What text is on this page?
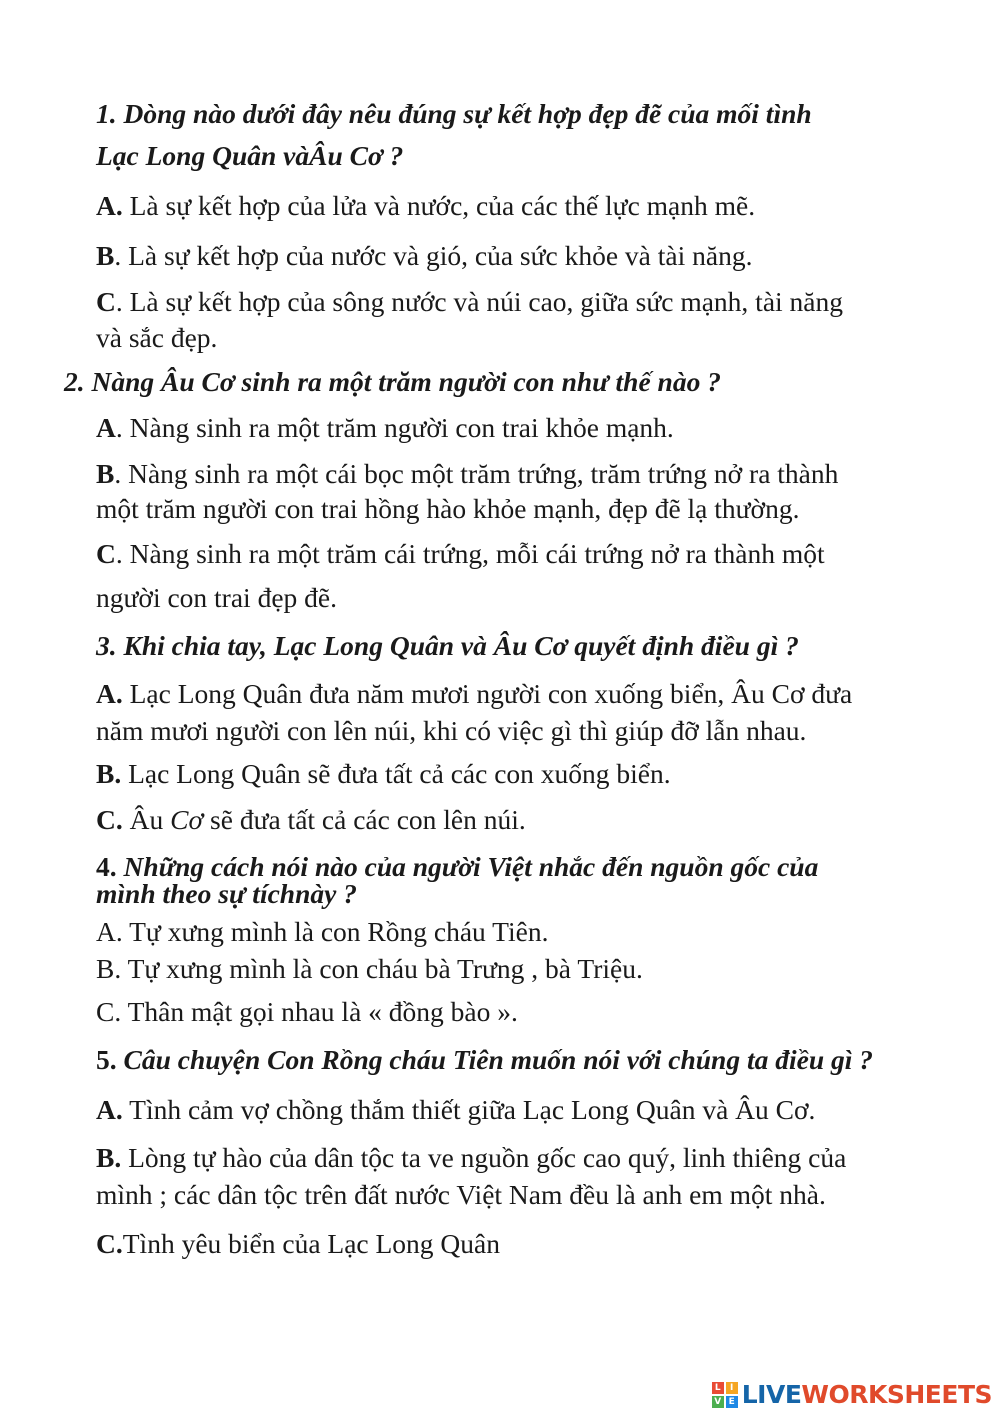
1. Dòng nào dưới đây nêu đúng sự kết hợp đẹp đẽ của mối tình
Lạc Long Quân vàÂu Cơ ?
A. Là sự kết hợp của lửa và nước, của các thế lực mạnh mẽ.
B. Là sự kết hợp của nước và gió, của sức khỏe và tài năng.
C. Là sự kết hợp của sông nước và núi cao, giữa sức mạnh, tài năng
và sắc đẹp.
2. Nàng Âu Cơ sinh ra một trăm người con như thế nào ?
A. Nàng sinh ra một trăm người con trai khỏe mạnh.
B. Nàng sinh ra một cái bọc một trăm trứng, trăm trứng nở ra thành
một trăm người con trai hồng hào khỏe mạnh, đẹp đẽ lạ thường.
C. Nàng sinh ra một trăm cái trứng, mỗi cái trứng nở ra thành một
người con trai đẹp đẽ.
3. Khi chia tay, Lạc Long Quân và Âu Cơ quyết định điều gì ?
A. Lạc Long Quân đưa năm mươi người con xuống biển, Âu Cơ đưa
năm mươi người con lên núi, khi có việc gì thì giúp đỡ lẫn nhau.
B. Lạc Long Quân sẽ đưa tất cả các con xuống biển.
C. Âu Cơ sẽ đưa tất cả các con lên núi.
4. Những cách nói nào của người Việt nhắc đến nguồn gốc của
mình theo sự tíchnày ?
A. Tự xưng mình là con Rồng cháu Tiên.
B. Tự xưng mình là con cháu bà Trưng , bà Triệu.
C. Thân mật gọi nhau là « đồng bào ».
5. Câu chuyện Con Rồng cháu Tiên muốn nói với chúng ta điều gì ?
A. Tình cảm vợ chồng thắm thiết giữa Lạc Long Quân và Âu Cơ.
B. Lòng tự hào của dân tộc ta ve nguồn gốc cao quý, linh thiêng của
mình ; các dân tộc trên đất nước Việt Nam đều là anh em một nhà.
C.Tình yêu biển của Lạc Long Quân
L	I
V E LIVEWORKSHEETS
